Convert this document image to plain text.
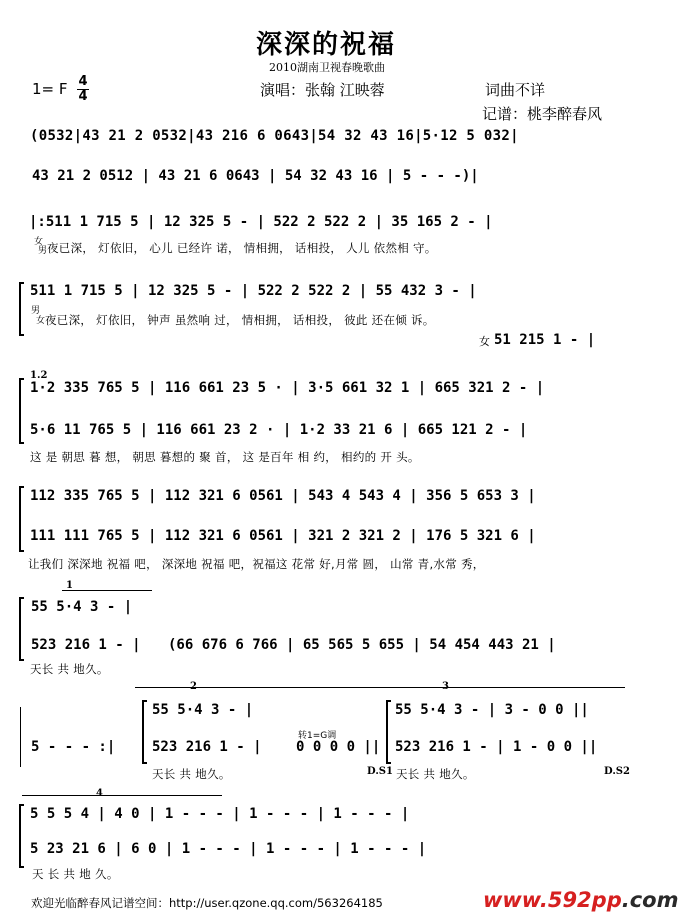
深深的祝福
2010湖南卫视春晚歌曲
1= F 4
4	演唱：张翰 江映蓉	词曲不详
记谱：桃李醉春风
(0532|43 21 2 0532|43 216 6 0643|54 32 43 16|5·12 5 032|
43 21 2 0512 | 43 21 6 0643 | 54 32 43 16 | 5 - - -)|
|:511 1 715 5 | 12 325 5 - | 522 2 522 2 | 35 165 2 - |
女
男 夜已深， 灯依旧， 心儿 已经许 诺， 情相拥， 话相投， 人儿 依然相 守。
511 1 715 5 | 12 325 5 - | 522 2 522 2 | 55 432 3 - |
男
女 夜已深， 灯依旧， 钟声 虽然响 过， 情相拥， 话相投， 彼此 还在倾 诉。
女 51 215 1 - |
1.2
1·2 335 765 5 | 116 661 23 5 · | 3·5 661 32 1 | 665 321 2 - |
5·6 11 765 5 | 116 661 23 2 · | 1·2 33 21 6 | 665 121 2 - |
这 是 朝思 暮 想， 朝思 暮想的 聚 首， 这 是百年 相 约， 相约的 开 头。
112 335 765 5 | 112 321 6 0561 | 543 4 543 4 | 356 5 653 3 |
111 111 765 5 | 112 321 6 0561 | 321 2 321 2 | 176 5 321 6 |
让我们 深深地 祝福 吧， 深深地 祝福 吧，祝福这 花常 好,月常 圆， 山常 青,水常 秀，
1
55 5·4 3 - |
523 216 1 - | (66 676 6 766 | 65 565 5 655 | 54 454 443 21 |
天长 共 地久。
2	3
5 - - - :|
55 5·4 3 - |
523 216 1 - |
转1=G调
0 0 0 0 ||
55 5·4 3 - | 3 - 0 0 ||
523 216 1 - | 1 - 0 0 ||
天长 共 地久。	D.S1 天长 共 地久。	D.S2
4
5 5 5 4 | 4 0 | 1 - - - | 1 - - - | 1 - - - |
5 23 21 6 | 6 0 | 1 - - - | 1 - - - | 1 - - - |
天 长 共 地 久。
欢迎光临醉春风记谱空间：http://user.qzone.qq.com/563264185	www.592pp.com
